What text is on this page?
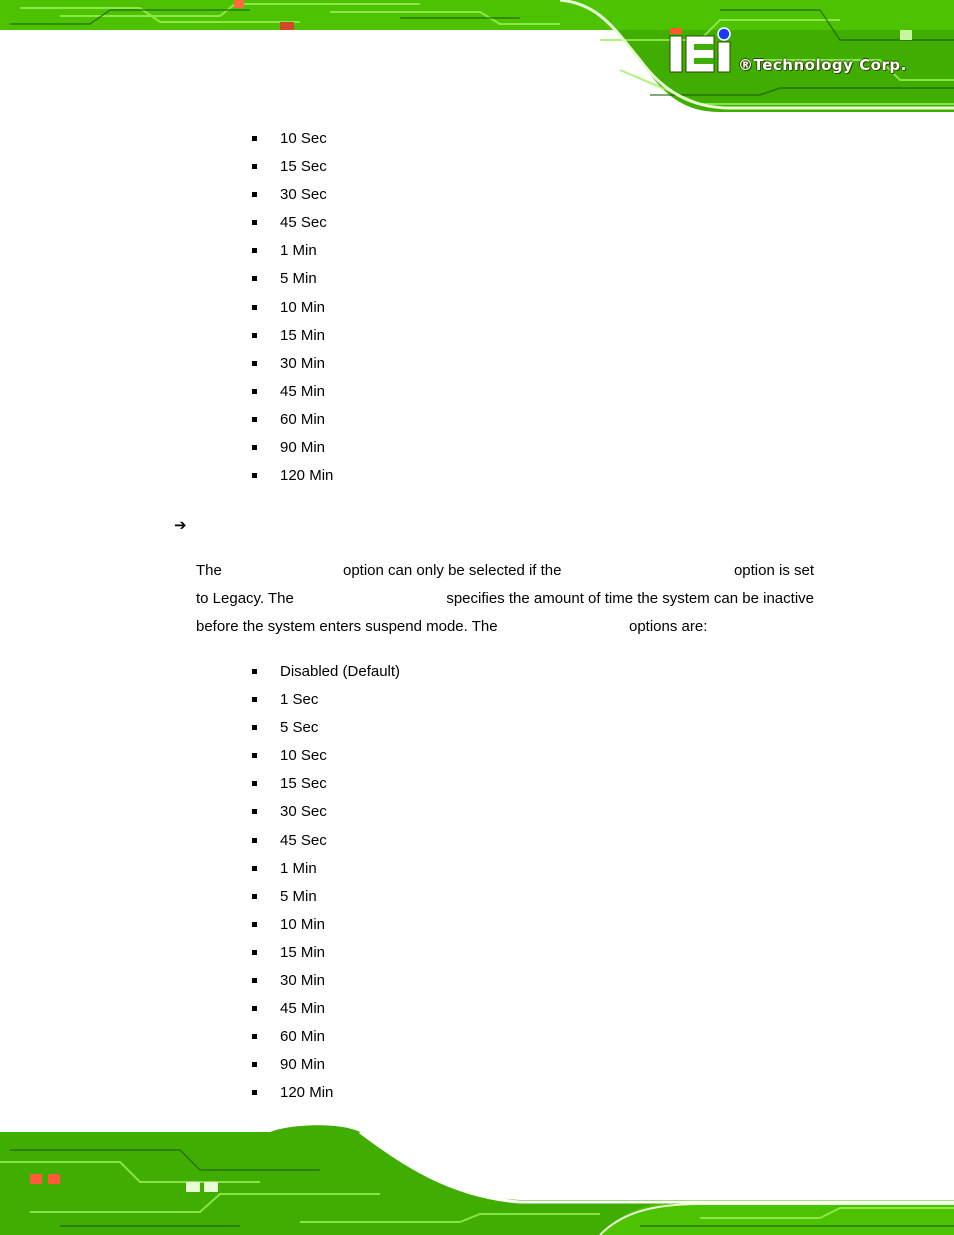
®Technology Corp.
10 Sec
15 Sec
30 Sec
45 Sec
1 Min
5 Min
10 Min
15 Min
30 Min
45 Min
60 Min
90 Min
120 Min
➔
The	option can only be selected if the	option is set
to Legacy. The	specifies the amount of time the system can be inactive
before the system enters suspend mode. The	options are:
Disabled (Default)
1 Sec
5 Sec
10 Sec
15 Sec
30 Sec
45 Sec
1 Min
5 Min
10 Min
15 Min
30 Min
45 Min
60 Min
90 Min
120 Min
